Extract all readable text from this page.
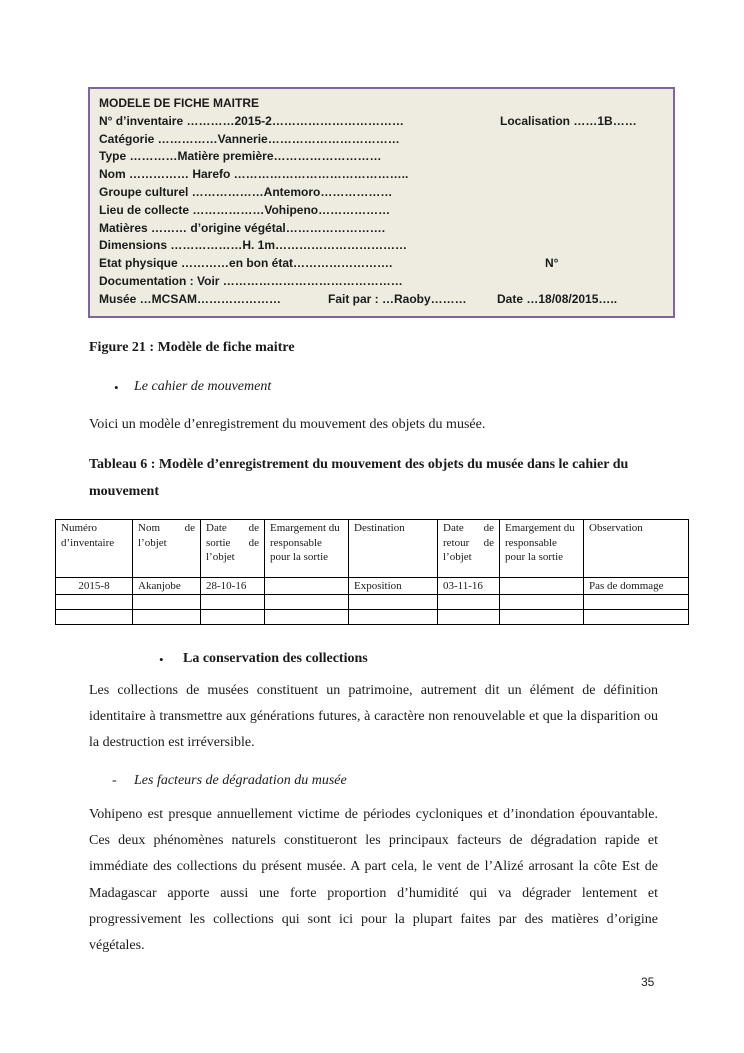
MODELE DE FICHE MAITRE
N° d’inventaire …………2015-2……………………………	Localisation ……1B……
Catégorie ……………Vannerie……………………………
Type …………Matière première………………………
Nom …………… Harefo ……………………………………..
Groupe culturel ………………Antemoro………………
Lieu de collecte ………………Vohipeno………………
Matières ……… d’origine végétal…………………….
Dimensions ………………H. 1m……………………………
Etat physique …………en bon état…………………….	N°
Documentation : Voir ………………………………………
Musée …MCSAM…………………	Fait par : …Raoby………	Date …18/08/2015…..
Figure 21 : Modèle de fiche maitre
• Le cahier de mouvement
Voici un modèle d’enregistrement du mouvement des objets du musée.
Tableau 6 : Modèle d’enregistrement du mouvement des objets du musée dans le cahier du mouvement
Numéro d’inventaire	Nom de l’objet	Date de sortie de l’objet	Emargement du responsable pour la sortie	Destination	Date de retour de l’objet	Emargement du responsable pour la sortie	Observation
2015-8	Akanjobe	28-10-16		Exposition	03-11-16		Pas de dommage

• La conservation des collections
Les collections de musées constituent un patrimoine, autrement dit un élément de définition identitaire à transmettre aux générations futures, à caractère non renouvelable et que la disparition ou la destruction est irréversible.
- Les facteurs de dégradation du musée
Vohipeno est presque annuellement victime de périodes cycloniques et d’inondation épouvantable. Ces deux phénomènes naturels constitueront les principaux facteurs de dégradation rapide et immédiate des collections du présent musée. A part cela, le vent de l’Alizé arrosant la côte Est de Madagascar apporte aussi une forte proportion d’humidité qui va dégrader lentement et progressivement les collections qui sont ici pour la plupart faites par des matières d’origine végétales.
35
